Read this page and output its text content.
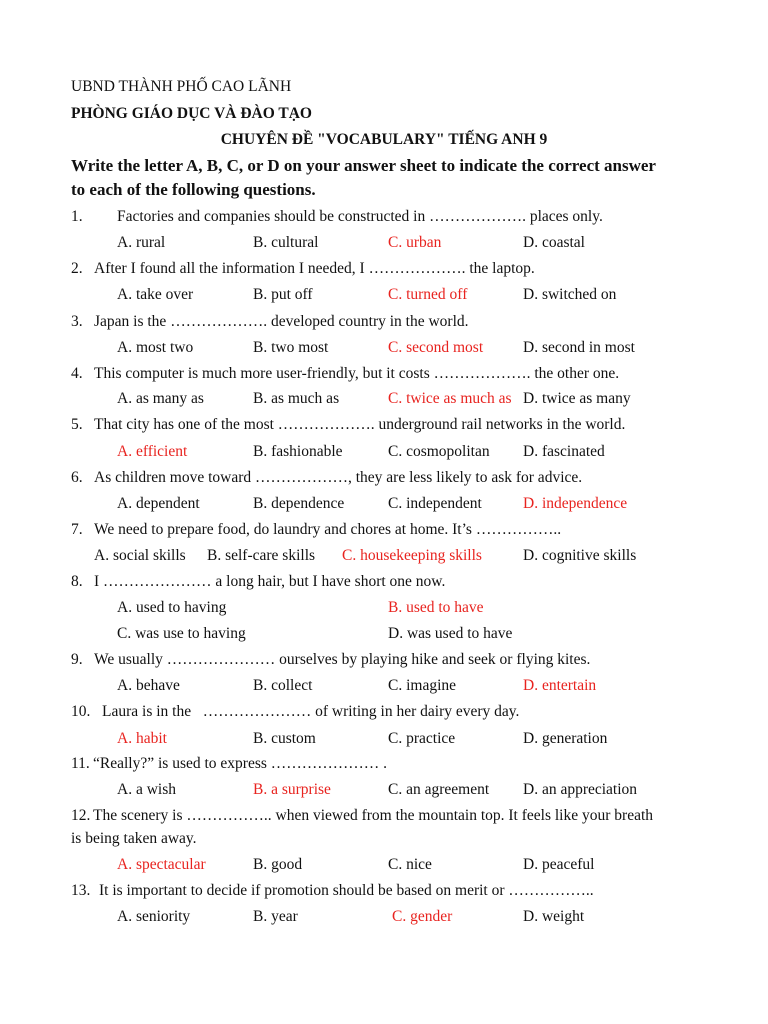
UBND THÀNH PHỐ CAO LÃNH
PHÒNG GIÁO DỤC VÀ ĐÀO TẠO
CHUYÊN ĐỀ "VOCABULARY" TIẾNG ANH 9
Write the letter A, B, C, or D on your answer sheet to indicate the correct answer
to each of the following questions.
1. Factories and companies should be constructed in ………………. places only.
A. rural	B. cultural	C. urban	D. coastal
2. After I found all the information I needed, I ………………. the laptop.
A. take over	B. put off	C. turned off	D. switched on
3. Japan is the ………………. developed country in the world.
A. most two	B. two most	C. second most	D. second in most
4. This computer is much more user-friendly, but it costs ………………. the other one.
A. as many as	B. as much as	C. twice as much as D. twice as many
5. That city has one of the most ………………. underground rail networks in the world.
A. efficient	B. fashionable	C. cosmopolitan D. fascinated
6. As children move toward ………………, they are less likely to ask for advice.
A. dependent	B. dependence	C. independent	D. independence
7. We need to prepare food, do laundry and chores at home. It’s ……………..
A. social skills B. self-care skills C. housekeeping skills	D. cognitive skills
8. I ………………… a long hair, but I have short one now.
A. used to having	B. used to have
C. was use to having	D. was used to have
9. We usually ………………… ourselves by playing hike and seek or flying kites.
A. behave	B. collect	C. imagine	D. entertain
10. Laura is in the   ………………… of writing in her dairy every day.
A. habit	B. custom	C. practice	D. generation
11. “Really?” is used to express ………………… .
A. a wish	B. a surprise	C. an agreement D. an appreciation
12. The scenery is …………….. when viewed from the mountain top. It feels like your breath
is being taken away.
A. spectacular	B. good	C. nice	D. peaceful
13. It is important to decide if promotion should be based on merit or ……………..
A. seniority	B. year	C. gender	D. weight
